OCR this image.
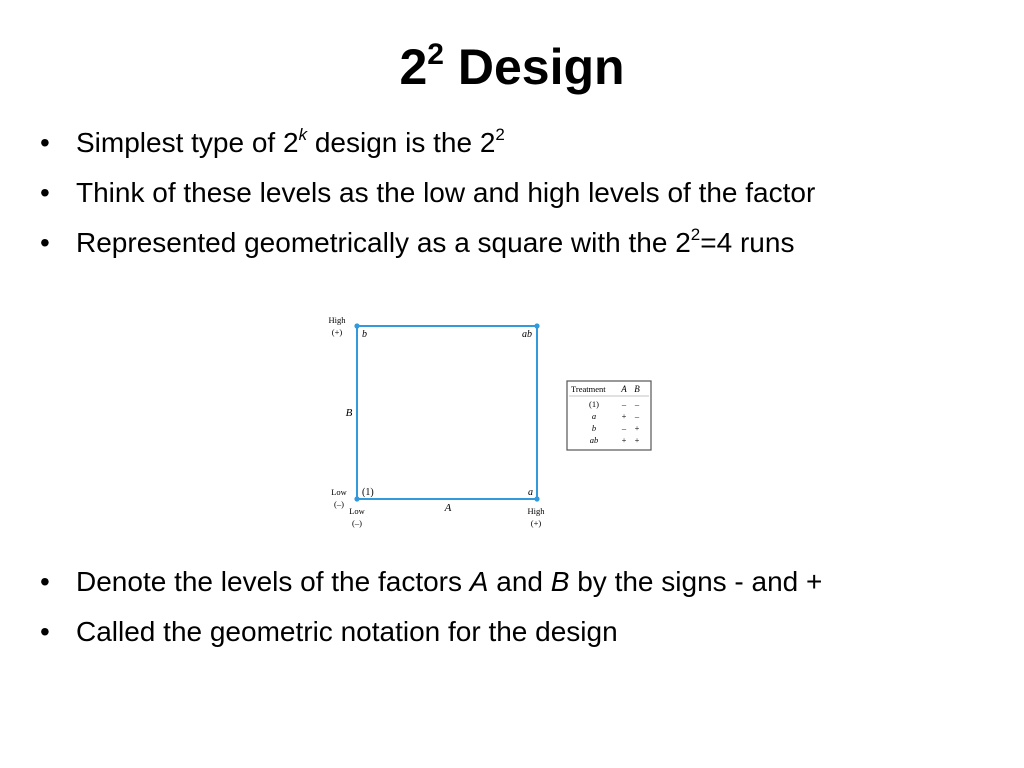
$2^2$ Design
• Simplest type of 2$^k$ design is the $2^2$
• Think of these levels as the low and high levels of the factor
• Represented geometrically as a square with the $2^2=4$ runs
b	ab
(1)	a
B
A
High
(+)
Low
(–)
Low
(–)
High
(+)
Treatment A B
(1)	– –
a	+ –
b	– +
ab	+ +
• Denote the levels of the factors A and B by the signs - and +
• Called the geometric notation for the design
